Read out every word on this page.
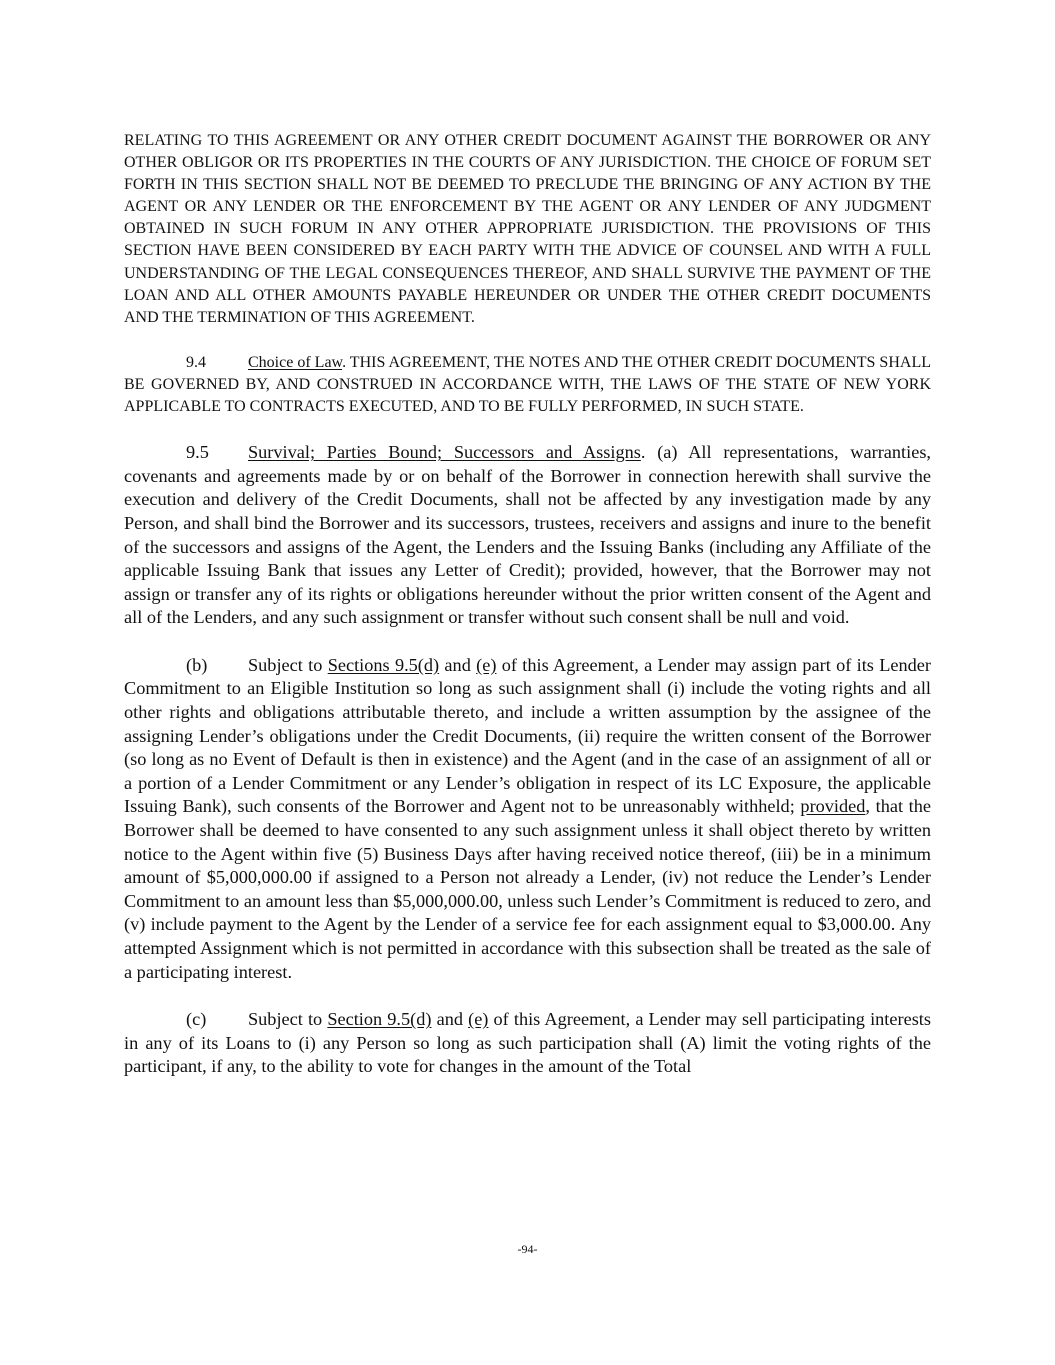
RELATING TO THIS AGREEMENT OR ANY OTHER CREDIT DOCUMENT AGAINST THE BORROWER OR ANY OTHER OBLIGOR OR ITS PROPERTIES IN THE COURTS OF ANY JURISDICTION. THE CHOICE OF FORUM SET FORTH IN THIS SECTION SHALL NOT BE DEEMED TO PRECLUDE THE BRINGING OF ANY ACTION BY THE AGENT OR ANY LENDER OR THE ENFORCEMENT BY THE AGENT OR ANY LENDER OF ANY JUDGMENT OBTAINED IN SUCH FORUM IN ANY OTHER APPROPRIATE JURISDICTION. THE PROVISIONS OF THIS SECTION HAVE BEEN CONSIDERED BY EACH PARTY WITH THE ADVICE OF COUNSEL AND WITH A FULL UNDERSTANDING OF THE LEGAL CONSEQUENCES THEREOF, AND SHALL SURVIVE THE PAYMENT OF THE LOAN AND ALL OTHER AMOUNTS PAYABLE HEREUNDER OR UNDER THE OTHER CREDIT DOCUMENTS AND THE TERMINATION OF THIS AGREEMENT.

9.4	Choice of Law. THIS AGREEMENT, THE NOTES AND THE OTHER CREDIT DOCUMENTS SHALL BE GOVERNED BY, AND CONSTRUED IN ACCORDANCE WITH, THE LAWS OF THE STATE OF NEW YORK APPLICABLE TO CONTRACTS EXECUTED, AND TO BE FULLY PERFORMED, IN SUCH STATE.

9.5 Survival; Parties Bound; Successors and Assigns. (a) All representations, warranties, covenants and agreements made by or on behalf of the Borrower in connection herewith shall survive the execution and delivery of the Credit Documents, shall not be affected by any investigation made by any Person, and shall bind the Borrower and its successors, trustees, receivers and assigns and inure to the benefit of the successors and assigns of the Agent, the Lenders and the Issuing Banks (including any Affiliate of the applicable Issuing Bank that issues any Letter of Credit); provided, however, that the Borrower may not assign or transfer any of its rights or obligations hereunder without the prior written consent of the Agent and all of the Lenders, and any such assignment or transfer without such consent shall be null and void.

(b) Subject to Sections 9.5(d) and (e) of this Agreement, a Lender may assign part of its Lender Commitment to an Eligible Institution so long as such assignment shall (i) include the voting rights and all other rights and obligations attributable thereto, and include a written assumption by the assignee of the assigning Lender’s obligations under the Credit Documents, (ii) require the written consent of the Borrower (so long as no Event of Default is then in existence) and the Agent (and in the case of an assignment of all or a portion of a Lender Commitment or any Lender’s obligation in respect of its LC Exposure, the applicable Issuing Bank), such consents of the Borrower and Agent not to be unreasonably withheld; provided, that the Borrower shall be deemed to have consented to any such assignment unless it shall object thereto by written notice to the Agent within five (5) Business Days after having received notice thereof, (iii) be in a minimum amount of $5,000,000.00 if assigned to a Person not already a Lender, (iv) not reduce the Lender’s Lender Commitment to an amount less than $5,000,000.00, unless such Lender’s Commitment is reduced to zero, and (v) include payment to the Agent by the Lender of a service fee for each assignment equal to $3,000.00. Any attempted Assignment which is not permitted in accordance with this subsection shall be treated as the sale of a participating interest.

(c) Subject to Section 9.5(d) and (e) of this Agreement, a Lender may sell participating interests in any of its Loans to (i) any Person so long as such participation shall (A) limit the voting rights of the participant, if any, to the ability to vote for changes in the amount of the Total

-94-
